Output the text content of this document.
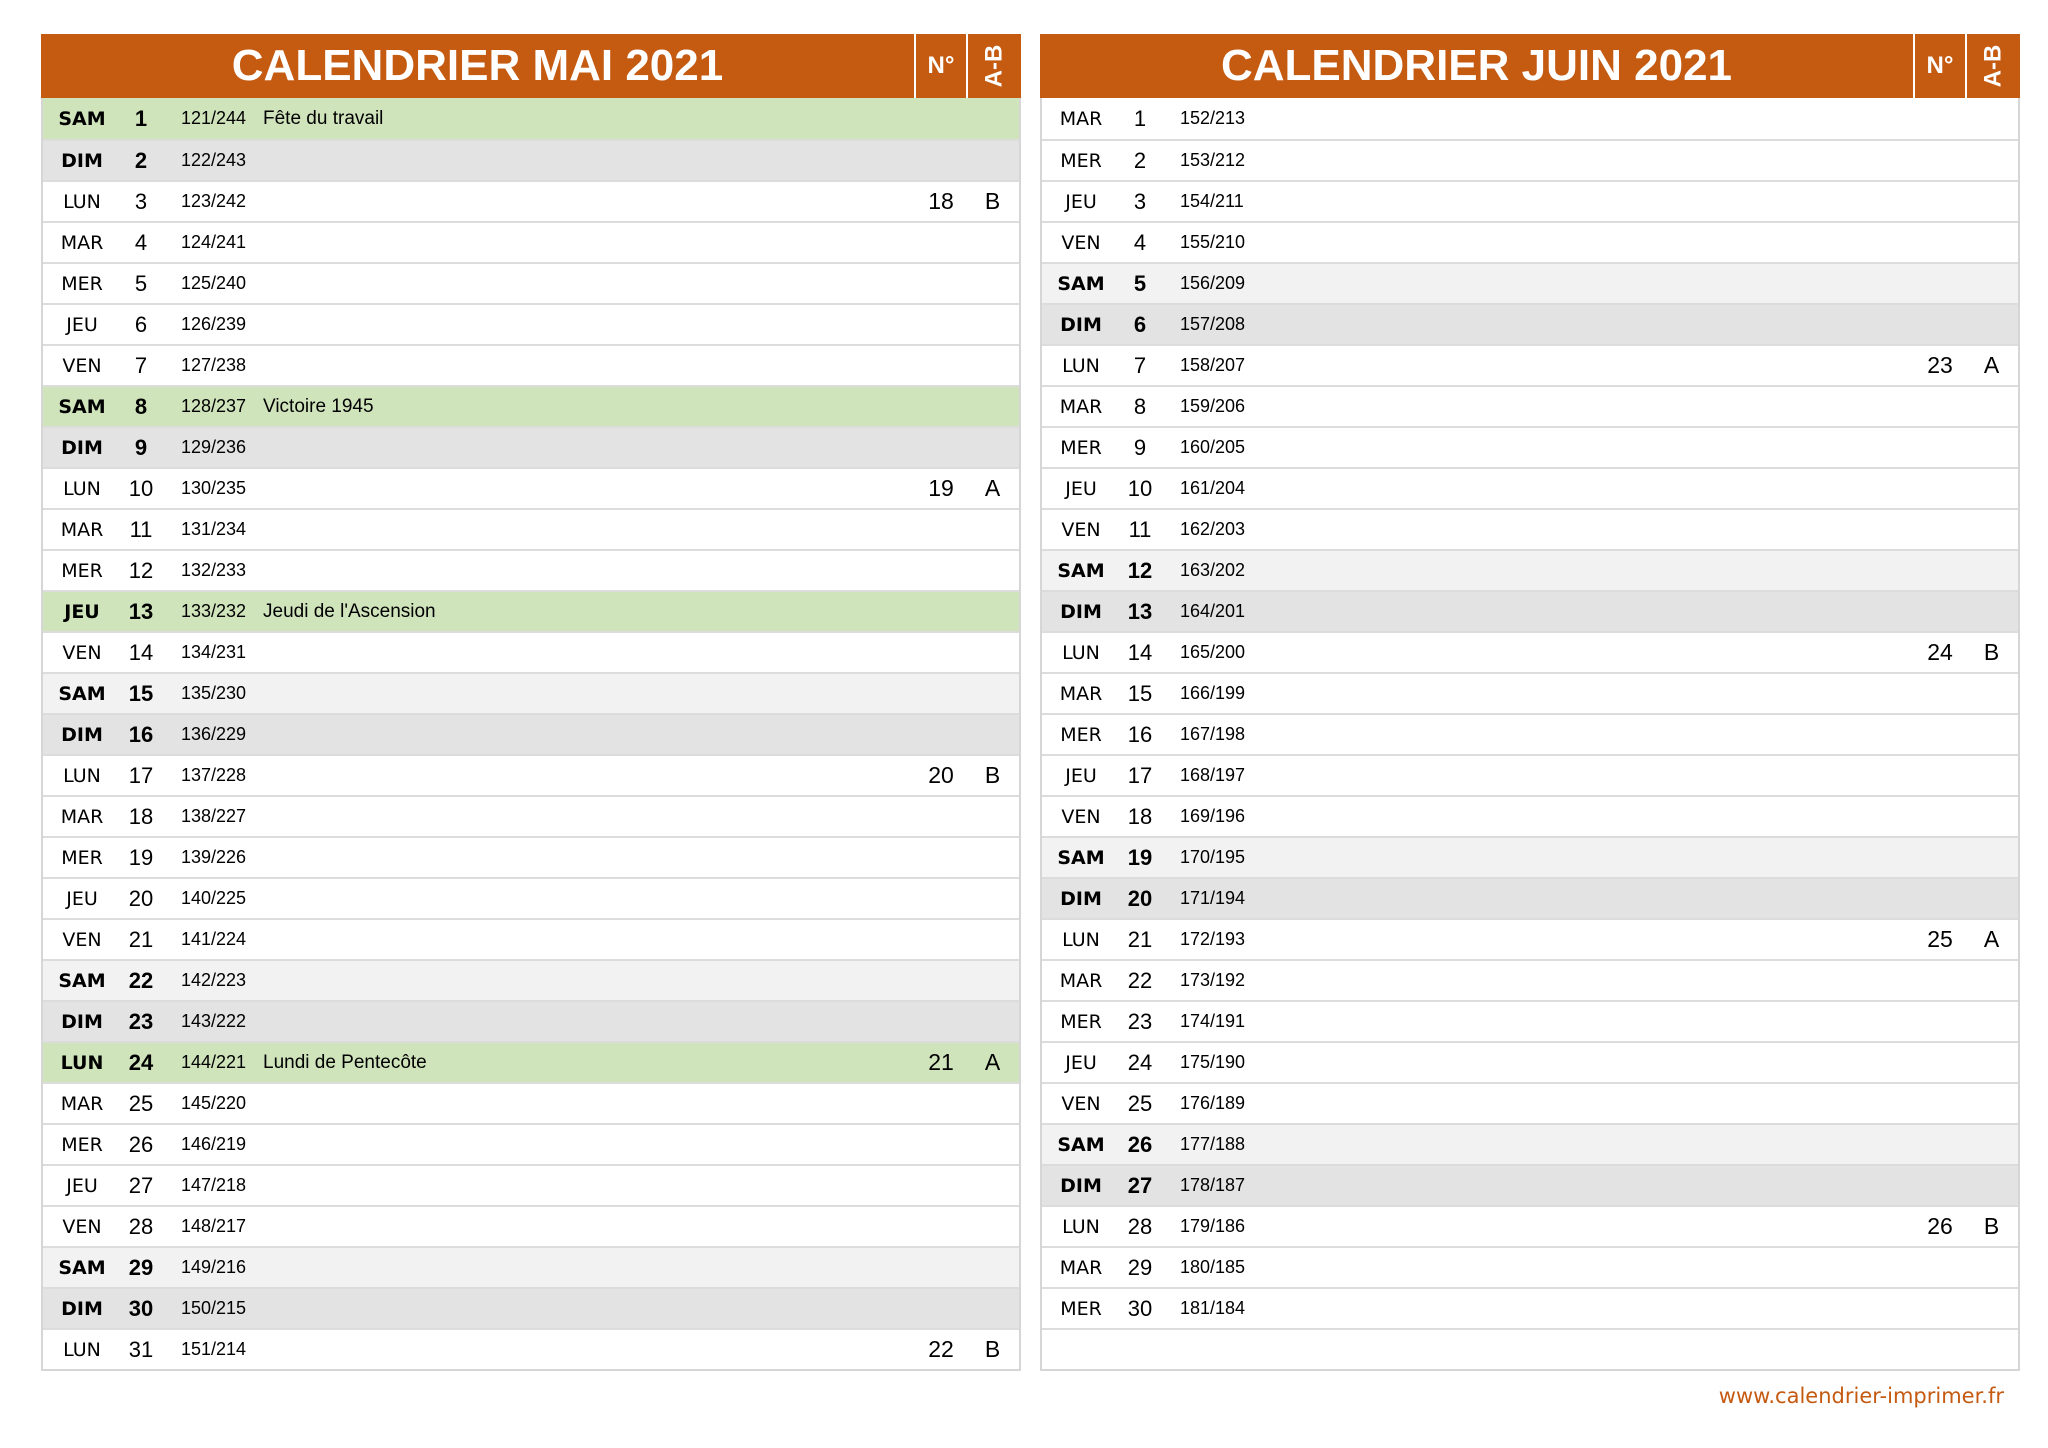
CALENDRIER MAI 2021	N°	A-B
SAM	1	121/244 Fête du travail
DIM	2	122/243
LUN	3	123/242	18	B
MAR	4	124/241
MER	5	125/240
JEU	6	126/239
VEN	7	127/238
SAM	8	128/237 Victoire 1945
DIM	9	129/236
LUN	10	130/235	19	A
MAR	11	131/234
MER	12	132/233
JEU	13	133/232 Jeudi de l'Ascension
VEN	14	134/231
SAM	15	135/230
DIM	16	136/229
LUN	17	137/228	20	B
MAR	18	138/227
MER	19	139/226
JEU	20	140/225
VEN	21	141/224
SAM	22	142/223
DIM	23	143/222
LUN	24	144/221 Lundi de Pentecôte	21	A
MAR	25	145/220
MER	26	146/219
JEU	27	147/218
VEN	28	148/217
SAM	29	149/216
DIM	30	150/215
LUN	31	151/214	22	B
CALENDRIER JUIN 2021	N°	A-B
MAR	1	152/213
MER	2	153/212
JEU	3	154/211
VEN	4	155/210
SAM	5	156/209
DIM	6	157/208
LUN	7	158/207	23	A
MAR	8	159/206
MER	9	160/205
JEU	10	161/204
VEN	11	162/203
SAM	12	163/202
DIM	13	164/201
LUN	14	165/200	24	B
MAR	15	166/199
MER	16	167/198
JEU	17	168/197
VEN	18	169/196
SAM	19	170/195
DIM	20	171/194
LUN	21	172/193	25	A
MAR	22	173/192
MER	23	174/191
JEU	24	175/190
VEN	25	176/189
SAM	26	177/188
DIM	27	178/187
LUN	28	179/186	26	B
MAR	29	180/185
MER	30	181/184
www.calendrier-imprimer.fr
